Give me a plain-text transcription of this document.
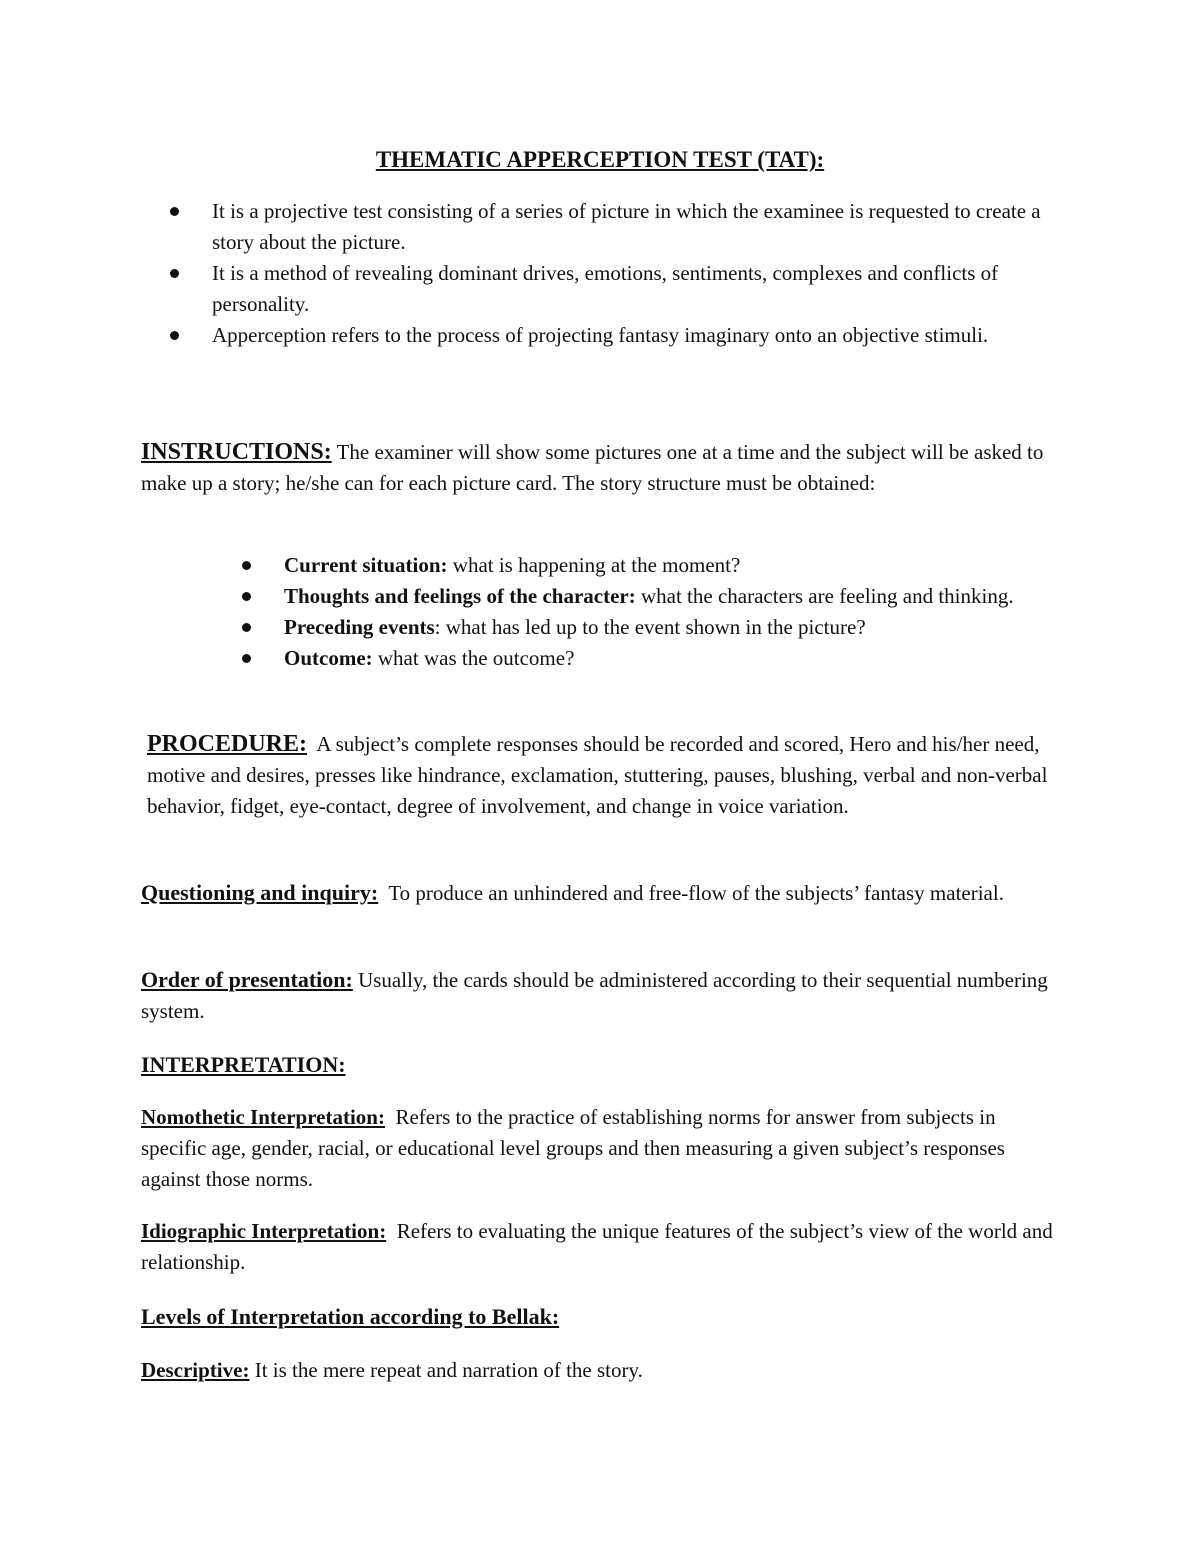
THEMATIC APPERCEPTION TEST (TAT):
It is a projective test consisting of a series of picture in which the examinee is requested to create a story about the picture.
It is a method of revealing dominant drives, emotions, sentiments, complexes and conflicts of personality.
Apperception refers to the process of projecting fantasy imaginary onto an objective stimuli.

INSTRUCTIONS: The examiner will show some pictures one at a time and the subject will be asked to make up a story; he/she can for each picture card. The story structure must be obtained:

Current situation: what is happening at the moment?
Thoughts and feelings of the character: what the characters are feeling and thinking.
Preceding events: what has led up to the event shown in the picture?
Outcome: what was the outcome?

PROCEDURE: A subject’s complete responses should be recorded and scored, Hero and his/her need, motive and desires, presses like hindrance, exclamation, stuttering, pauses, blushing, verbal and non-verbal behavior, fidget, eye-contact, degree of involvement, and change in voice variation.

Questioning and inquiry: To produce an unhindered and free-flow of the subjects’ fantasy material.

Order of presentation: Usually, the cards should be administered according to their sequential numbering system.

INTERPRETATION:

Nomothetic Interpretation: Refers to the practice of establishing norms for answer from subjects in specific age, gender, racial, or educational level groups and then measuring a given subject’s responses against those norms.

Idiographic Interpretation: Refers to evaluating the unique features of the subject’s view of the world and relationship.

Levels of Interpretation according to Bellak:

Descriptive: It is the mere repeat and narration of the story.
